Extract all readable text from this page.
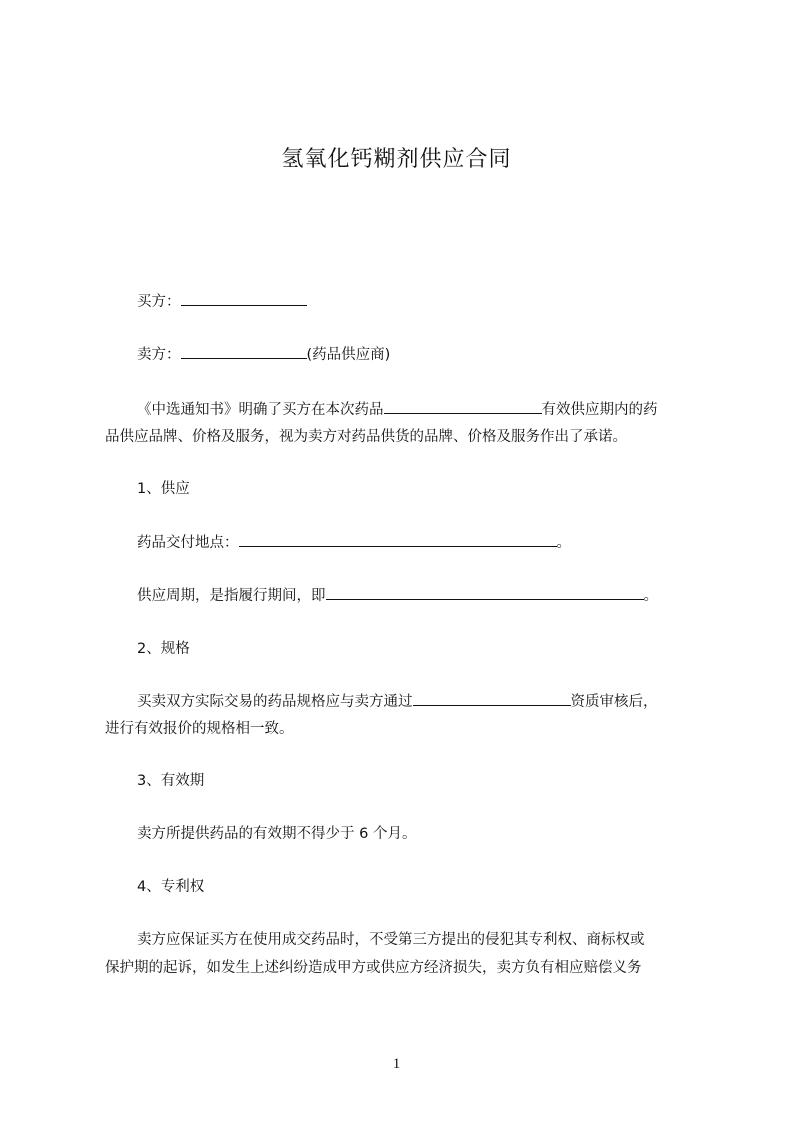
氢氧化钙糊剂供应合同

买方：

卖方：	(药品供应商)

《中选通知书》明确了买方在本次药品	有效供应期内的药

品供应品牌、价格及服务，视为卖方对药品供货的品牌、价格及服务作出了承诺。

1、供应

药品交付地点：	。

供应周期，是指履行期间，即	。

2、规格

买卖双方实际交易的药品规格应与卖方通过	资质审核后，

进行有效报价的规格相一致。

3、有效期

卖方所提供药品的有效期不得少于 6 个月。

4、专利权

卖方应保证买方在使用成交药品时，不受第三方提出的侵犯其专利权、商标权或

保护期的起诉，如发生上述纠纷造成甲方或供应方经济损失，卖方负有相应赔偿义务

1
